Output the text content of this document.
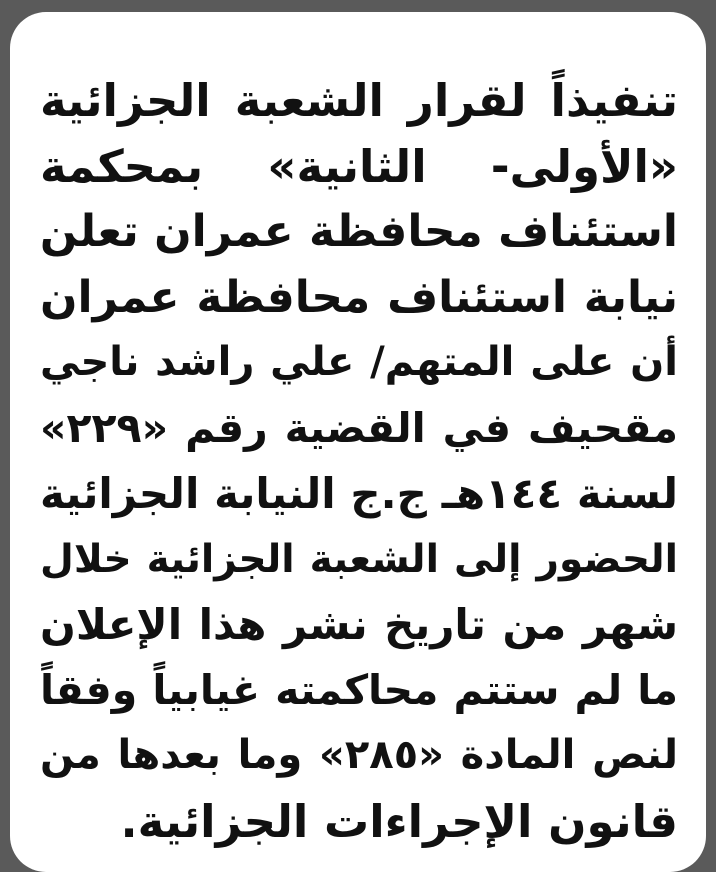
تنفيذاً لقرار الشعبة الجزائية
«الأولى- الثانية» بمحكمة
استئناف محافظة عمران تعلن
نيابة استئناف محافظة عمران
أن على المتهم/ علي راشد ناجي
مقحيف في القضية رقم «٢٢٩»
لسنة ١٤٤هـ ج.ج النيابة الجزائية
الحضور إلى الشعبة الجزائية خلال
شهر من تاريخ نشر هذا الإعلان
ما لم ستتم محاكمته غيابياً وفقاً
لنص المادة «٢٨٥» وما بعدها من
قانون الإجراءات الجزائية.
